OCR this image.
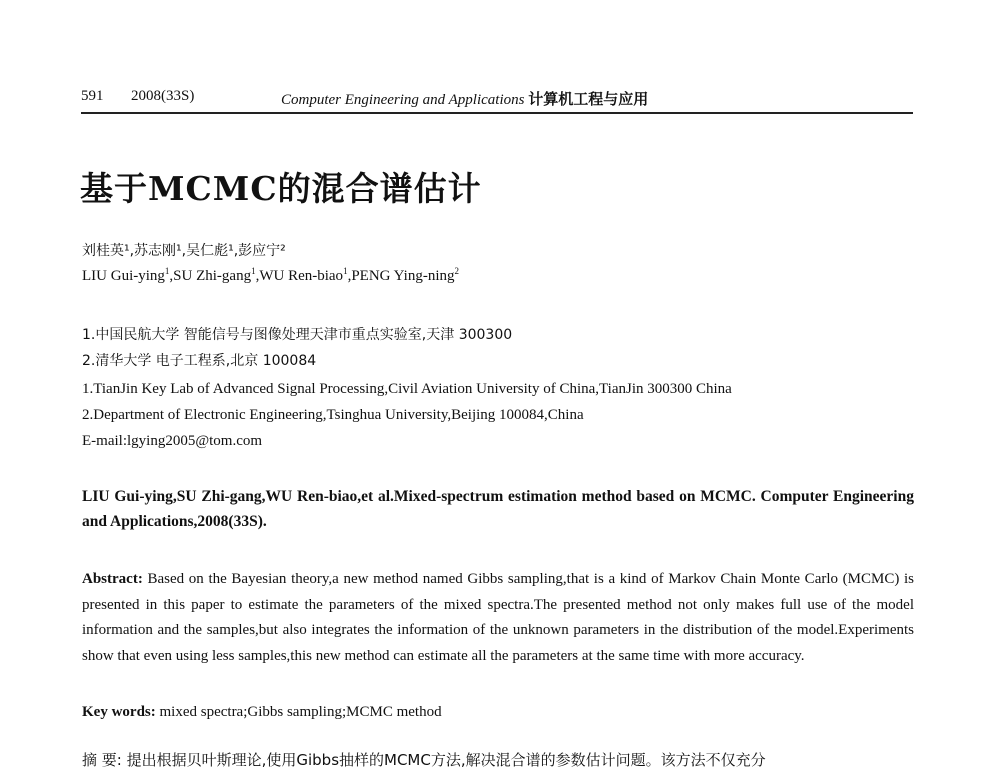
591 2008(33S)	Computer Engineering and Applications 计算机工程与应用
基于MCMC的混合谱估计
刘桂英¹,苏志刚¹,吴仁彪¹,彭应宁²
LIU Gui-ying$^1$,SU Zhi-gang$^1$,WU Ren-biao$^1$,PENG Ying-ning$^2$
1.中国民航大学 智能信号与图像处理天津市重点实验室,天津 300300
2.清华大学 电子工程系,北京 100084
1.TianJin Key Lab of Advanced Signal Processing,Civil Aviation University of China,TianJin 300300 China
2.Department of Electronic Engineering,Tsinghua University,Beijing 100084,China
E-mail:lgying2005@tom.com
LIU Gui-ying,SU Zhi-gang,WU Ren-biao,et al.Mixed-spectrum estimation method based on MCMC. Computer Engineering and Applications,2008(33S).
Abstract: Based on the Bayesian theory,a new method named Gibbs sampling,that is a kind of Markov Chain Monte Carlo (MCMC) is presented in this paper to estimate the parameters of the mixed spectra.The presented method not only makes full use of the model information and the samples,but also integrates the information of the unknown parameters in the distribution of the model.Experiments show that even using less samples,this new method can estimate all the parameters at the same time with more accuracy.
Key words: mixed spectra;Gibbs sampling;MCMC method
摘 要: 提出根据贝叶斯理论,使用Gibbs抽样的MCMC方法,解决混合谱的参数估计问题。该方法不仅充分
